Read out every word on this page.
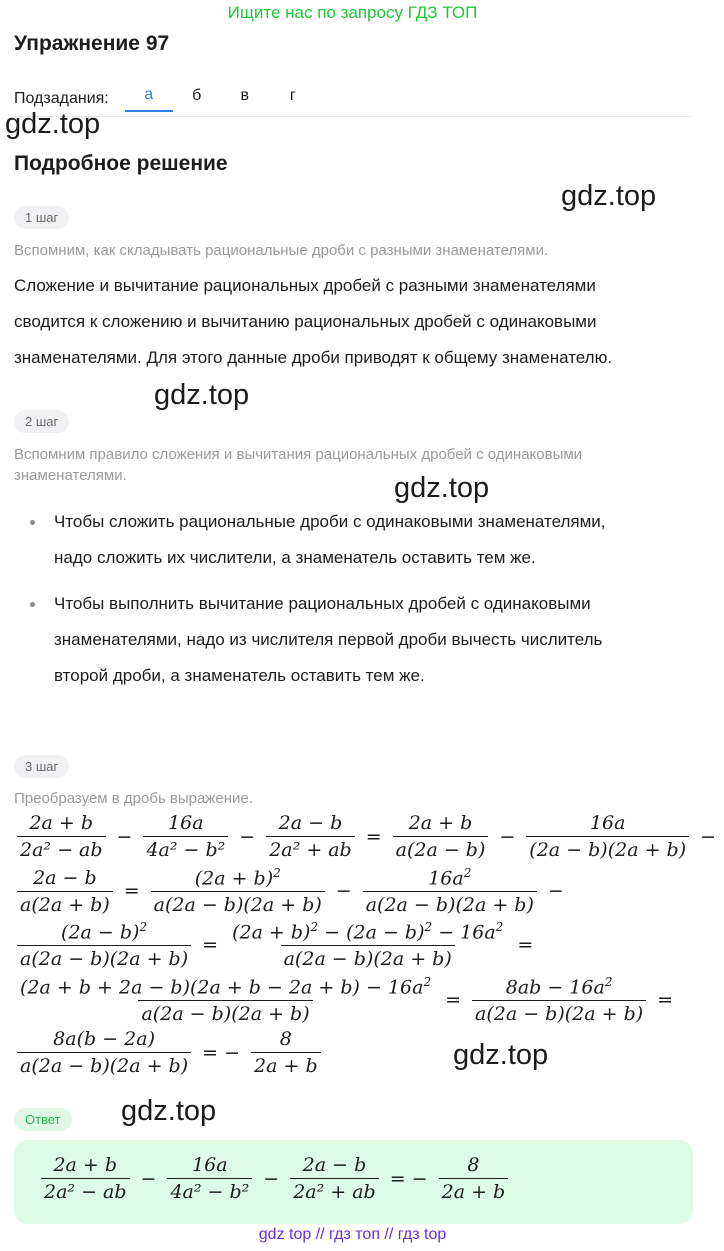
Ищите нас по запросу ГДЗ ТОП
Упражнение 97
Подзадания:	а	б	в	г
gdz.top
gdz.top
gdz.top
gdz.top
gdz.top
gdz.top
Подробное решение
1 шаг
Вспомним, как складывать рациональные дроби с разными знаменателями.
Сложение и вычитание рациональных дробей с разными знаменателями
сводится к сложению и вычитанию рациональных дробей с одинаковыми
знаменателями. Для этого данные дроби приводят к общему знаменателю.
2 шаг
Вспомним правило сложения и вычитания рациональных дробей с одинаковыми
знаменателями.
Чтобы сложить рациональные дроби с одинаковыми знаменателями,
надо сложить их числители, а знаменатель оставить тем же.
Чтобы выполнить вычитание рациональных дробей с одинаковыми
знаменателями, надо из числителя первой дроби вычесть числитель
второй дроби, а знаменатель оставить тем же.
3 шаг
Преобразуем в дробь выражение.
$\frac{2a + b}{\text{2a² − ab}} - \frac{16a}{\text{4a² − b²}} - \frac{2a - b}{\text{2a² + ab}} = \frac{2a + b}{a(2a - b)} - \frac{16a}{(2a - b)(2a + b)}$ −
$\frac{2a - b}{a(2a + b)} = \frac{(2a + b)^2}{a(2a - b)(2a + b)} - \frac{16a^2}{a(2a - b)(2a + b)}$ −
$\frac{(2a - b)^2}{a(2a - b)(2a + b)} = \frac{(2a + b)^2 - (2a - b)^2 - 16a^2}{a(2a - b)(2a + b)}$ =
$\frac{(2a + b + 2a - b)(2a + b - 2a + b) - 16a^2}{a(2a - b)(2a + b)} = \frac{8ab - 16a^2}{a(2a - b)(2a + b)}$ =
$\frac{8a(b - 2a)}{a(2a - b)(2a + b)}$ = − $\frac{8}{2a + b}$
Ответ
$\frac{2a + b}{\text{2a² − ab}} - \frac{16a}{\text{4a² − b²}} - \frac{2a - b}{\text{2a² + ab}}$ = − $\frac{8}{2a + b}$
gdz top // гдз топ // гдз top
